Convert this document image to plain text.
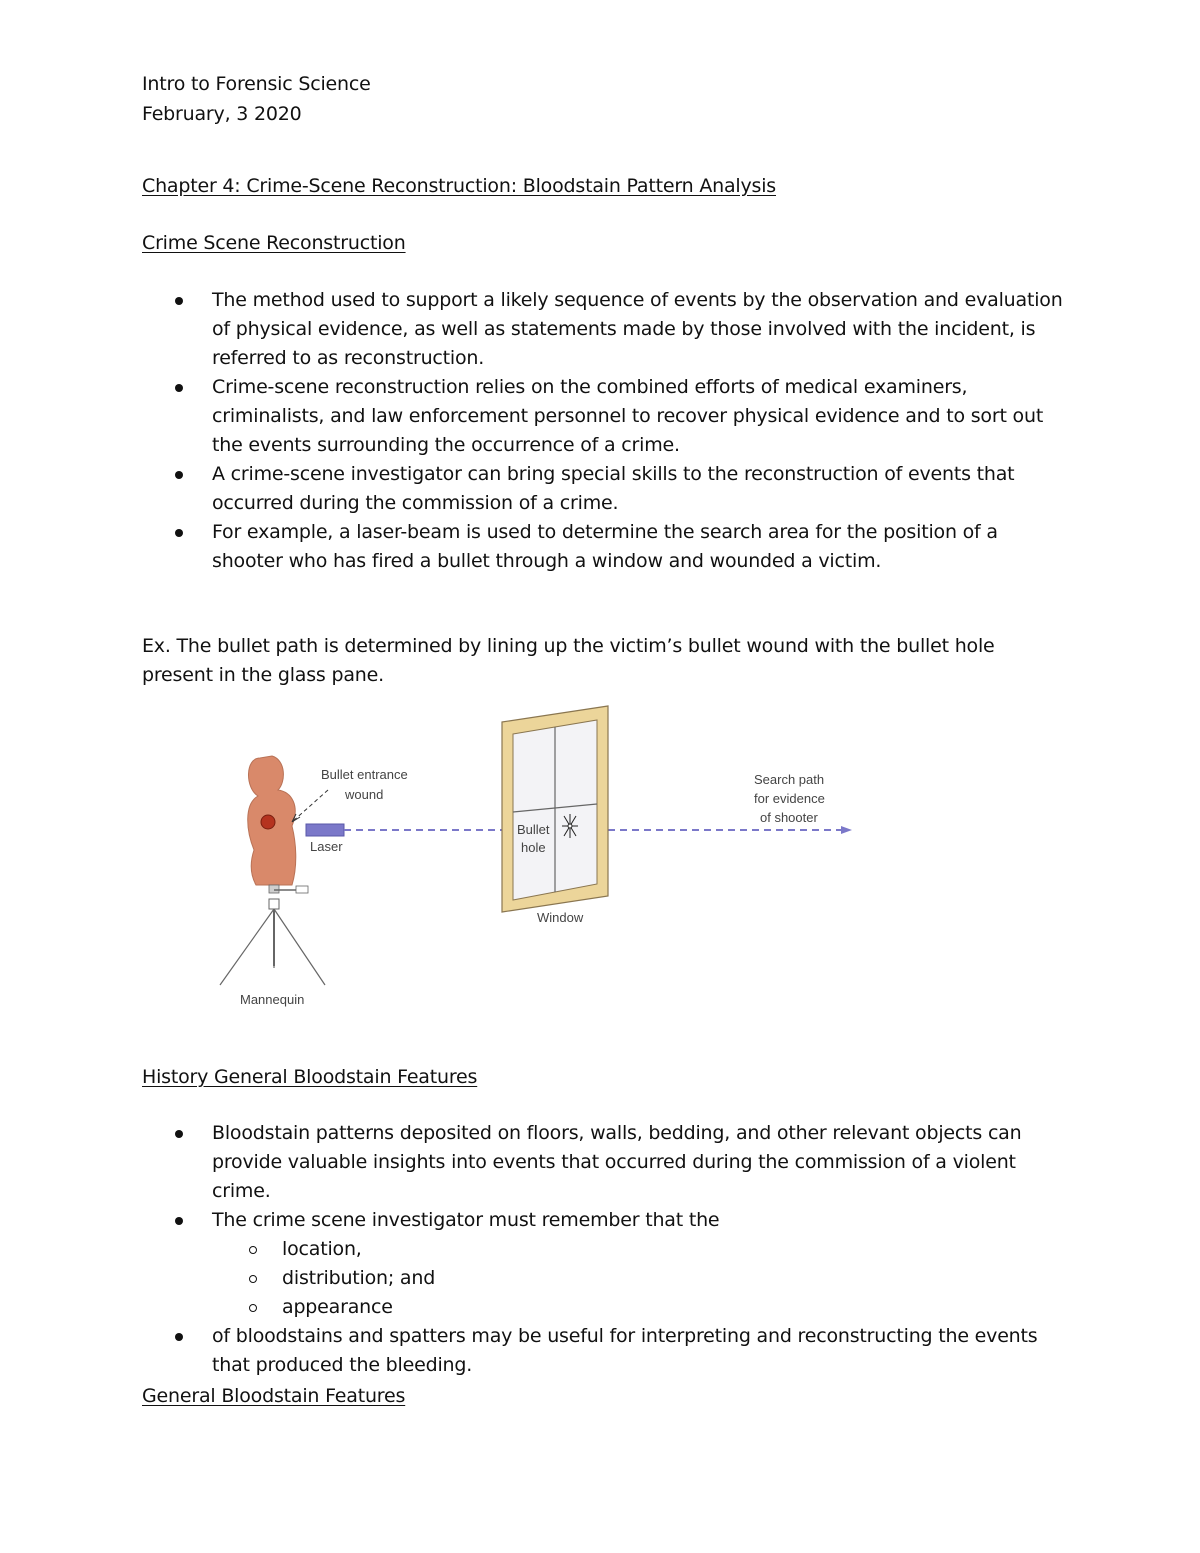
Intro to Forensic Science

February, 3 2020

Chapter 4: Crime-Scene Reconstruction: Bloodstain Pattern Analysis

Crime Scene Reconstruction

The method used to support a likely sequence of events by the observation and evaluation of physical evidence, as well as statements made by those involved with the incident, is referred to as reconstruction.
Crime-scene reconstruction relies on the combined efforts of medical examiners, criminalists, and law enforcement personnel to recover physical evidence and to sort out the events surrounding the occurrence of a crime.
A crime-scene investigator can bring special skills to the reconstruction of events that occurred during the commission of a crime.
For example, a laser-beam is used to determine the search area for the position of a shooter who has fired a bullet through a window and wounded a victim.

Ex. The bullet path is determined by lining up the victim’s bullet wound with the bullet hole

present in the glass pane.

Bullet entrance
wound
Laser
Bullet
hole
Window
Search path
for evidence
of shooter
Mannequin

History General Bloodstain Features

Bloodstain patterns deposited on floors, walls, bedding, and other relevant objects can provide valuable insights into events that occurred during the commission of a violent crime.
The crime scene investigator must remember that the
location,
distribution; and
appearance
of bloodstains and spatters may be useful for interpreting and reconstructing the events that produced the bleeding.

General Bloodstain Features
